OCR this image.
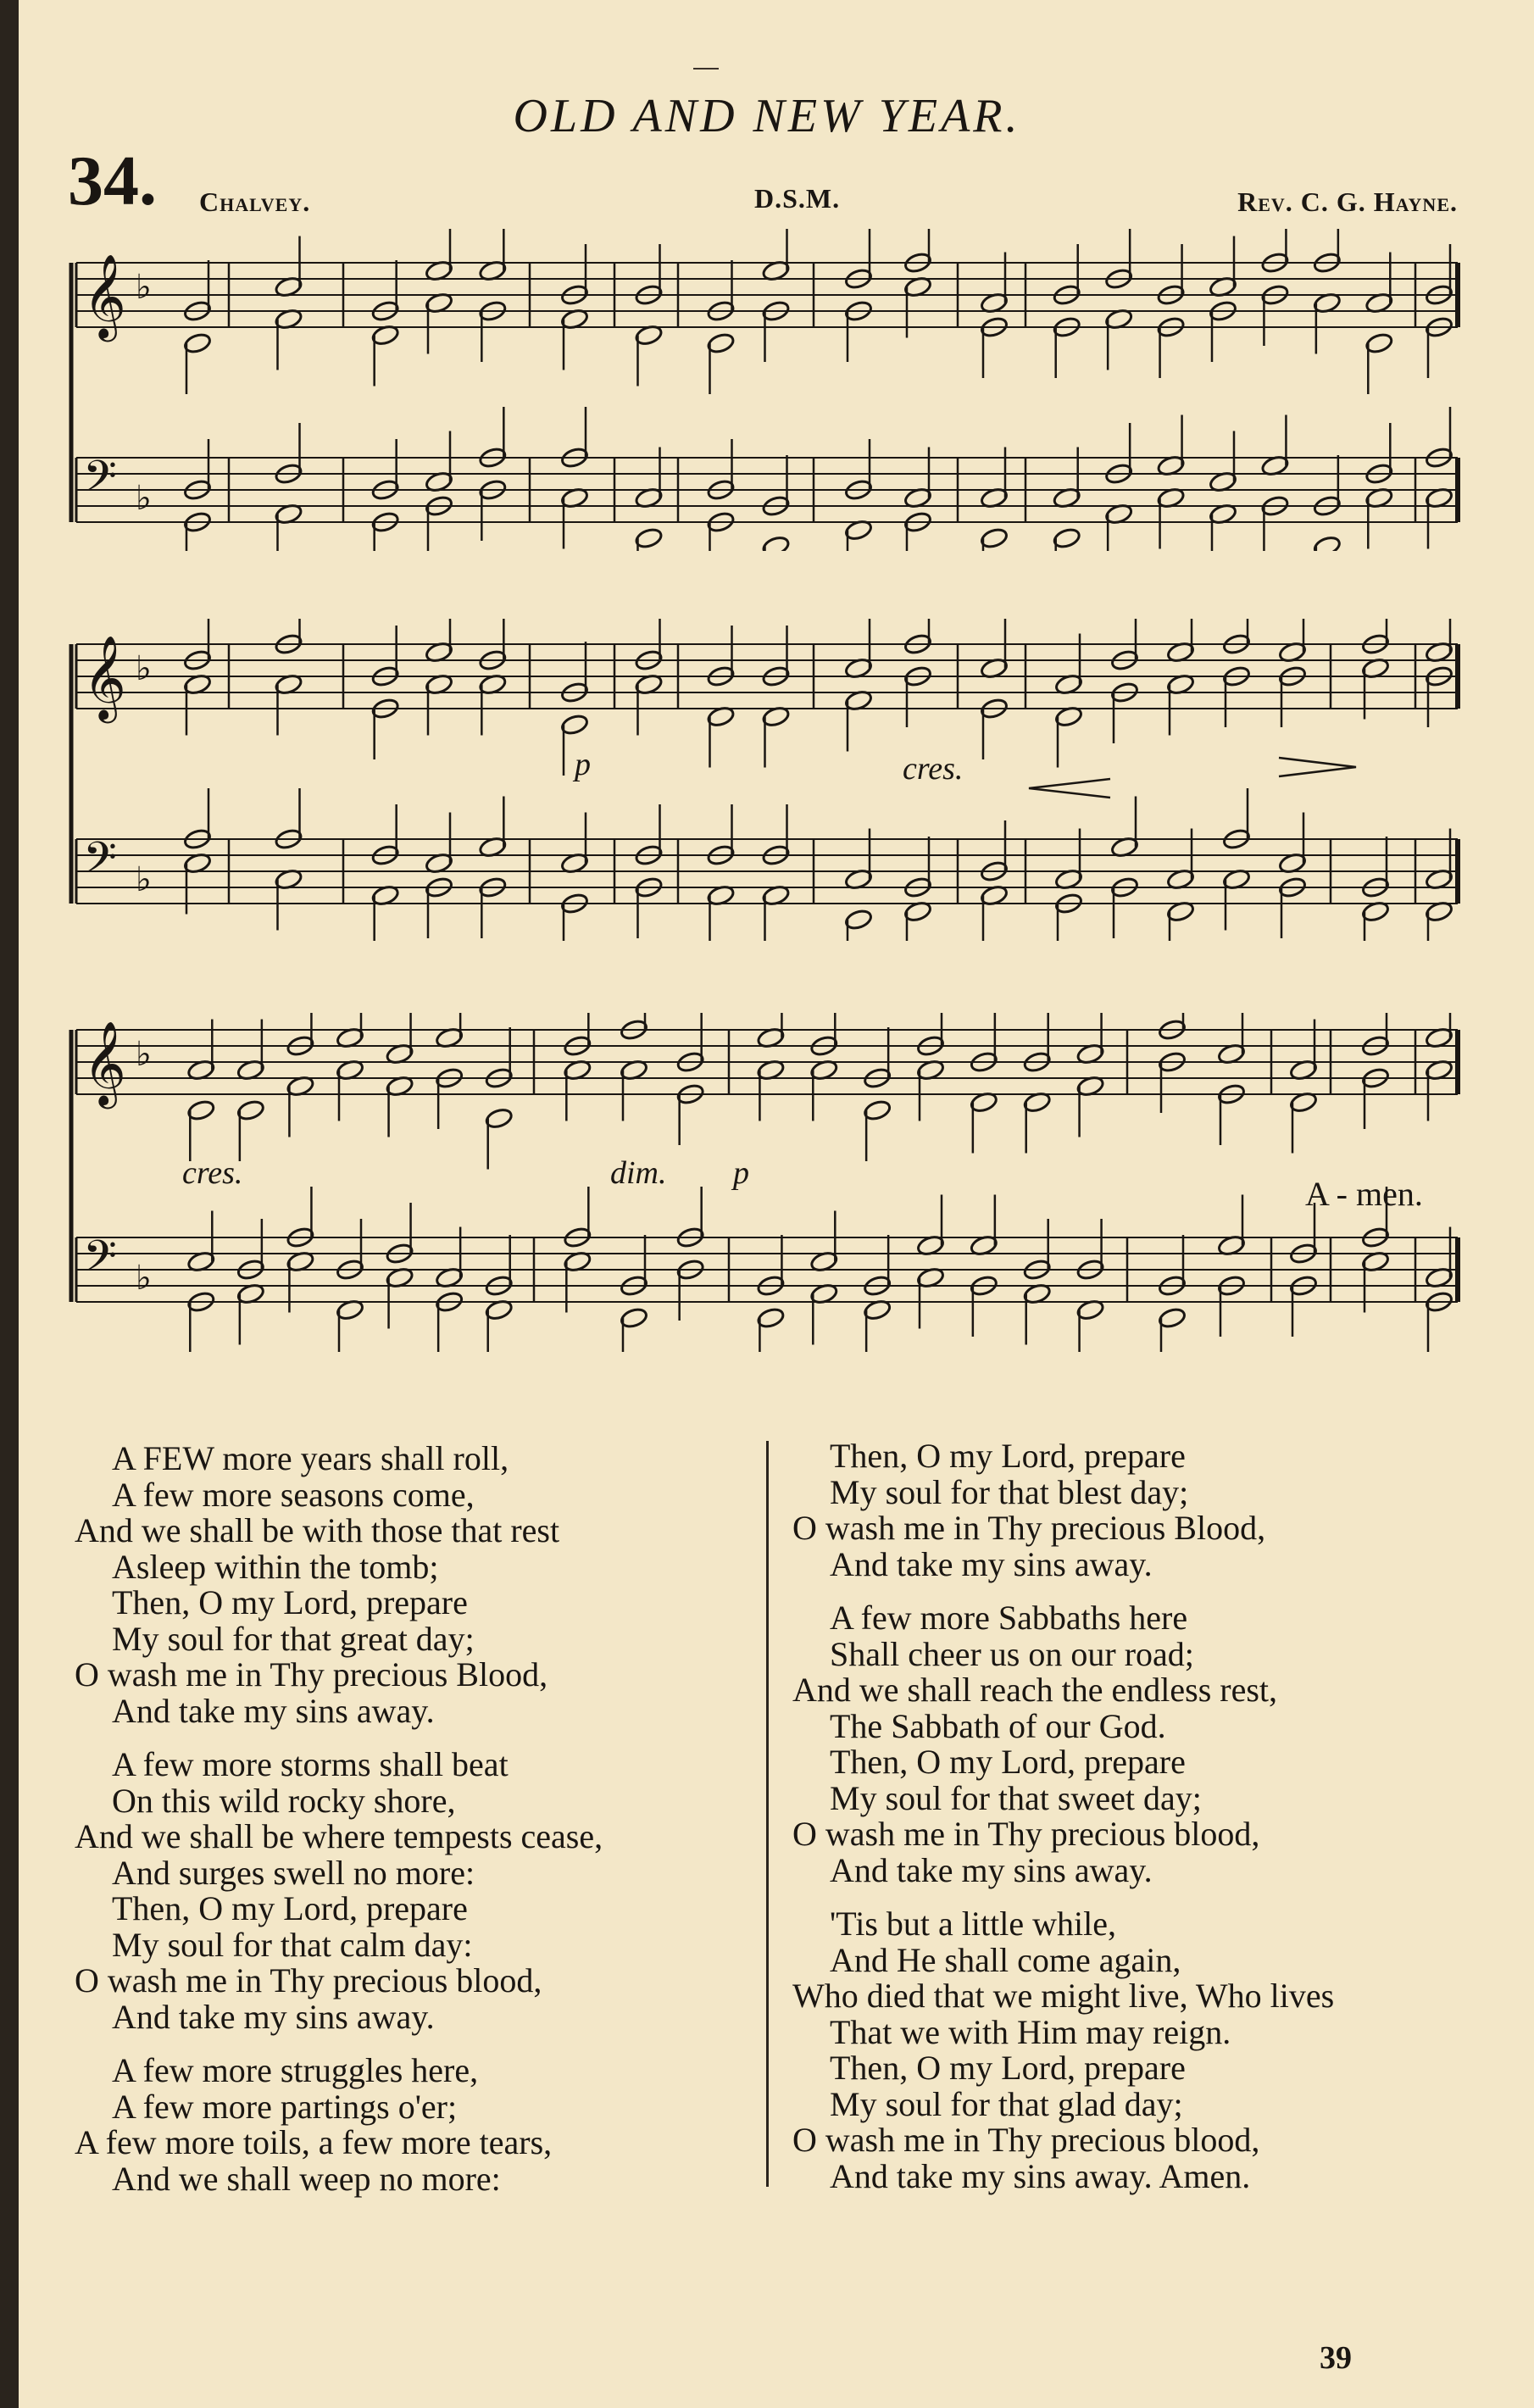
OLD AND NEW YEAR.
34. Chalvey.	D.S.M.	Rev. C. G. Hayne.
𝄞 ♭
𝄢 ♭
𝄞 ♭
𝄢 ♭
p	cres.
𝄞 ♭
𝄢 ♭
cres.	dim. p
A - men.
A FEW more years shall roll,
A few more seasons come,
And we shall be with those that rest
Asleep within the tomb;
Then, O my Lord, prepare
My soul for that great day;
O wash me in Thy precious Blood,
And take my sins away.
A few more storms shall beat
On this wild rocky shore,
And we shall be where tempests cease,
And surges swell no more:
Then, O my Lord, prepare
My soul for that calm day:
O wash me in Thy precious blood,
And take my sins away.
A few more struggles here,
A few more partings o'er;
A few more toils, a few more tears,
And we shall weep no more:
Then, O my Lord, prepare
My soul for that blest day;
O wash me in Thy precious Blood,
And take my sins away.
A few more Sabbaths here
Shall cheer us on our road;
And we shall reach the endless rest,
The Sabbath of our God.
Then, O my Lord, prepare
My soul for that sweet day;
O wash me in Thy precious blood,
And take my sins away.
'Tis but a little while,
And He shall come again,
Who died that we might live, Who lives
That we with Him may reign.
Then, O my Lord, prepare
My soul for that glad day;
O wash me in Thy precious blood,
And take my sins away. Amen.
39
